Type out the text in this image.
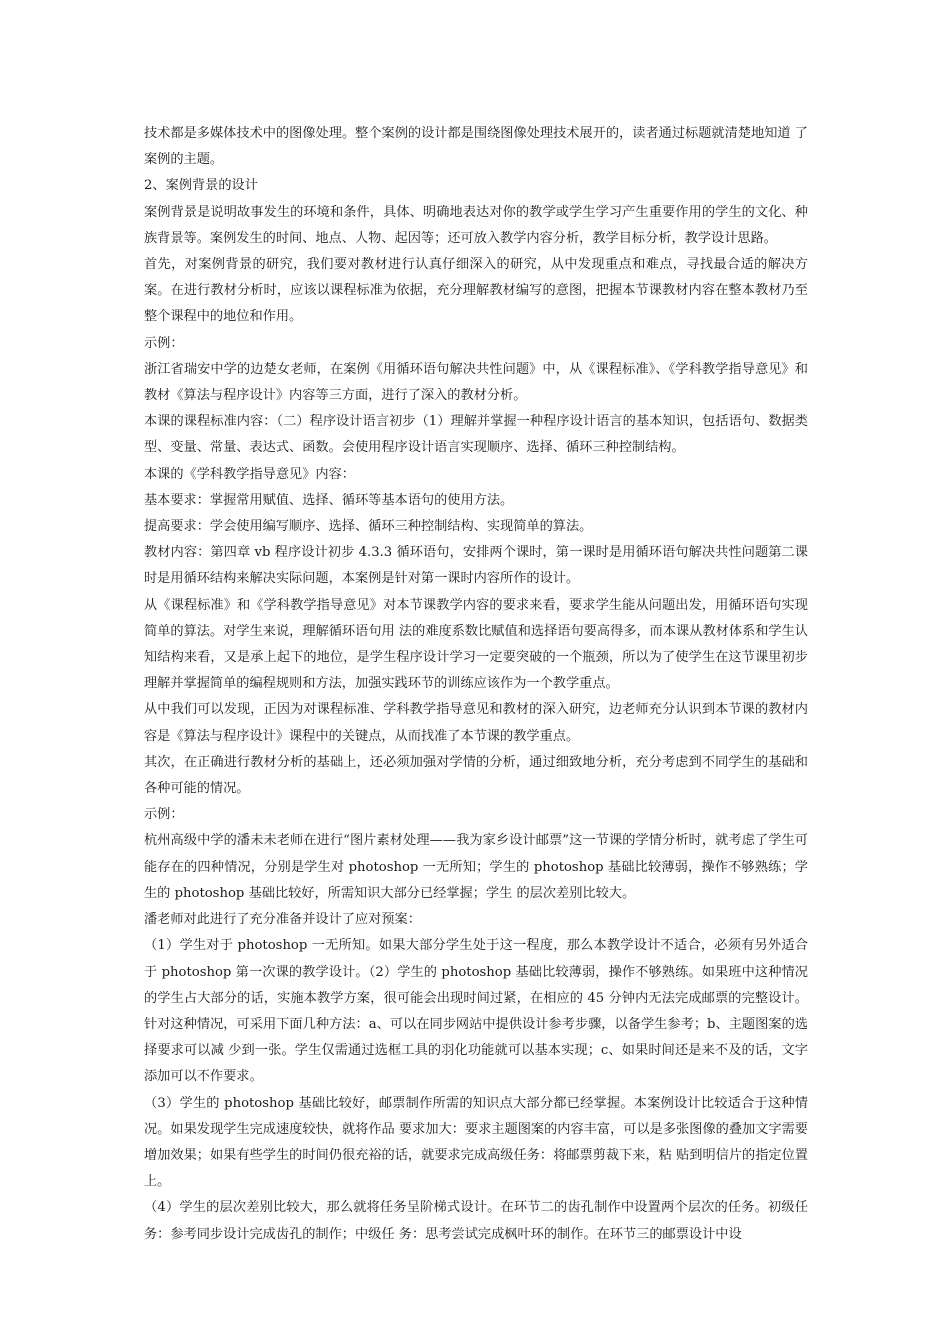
技术都是多媒体技术中的图像处理。整个案例的设计都是围绕图像处理技术展开的，读者通过标题就清楚地知道 了案例的主题。

2、案例背景的设计

案例背景是说明故事发生的环境和条件，具体、明确地表达对你的教学或学生学习产生重要作用的学生的文化、种族背景等。案例发生的时间、地点、人物、起因等；还可放入教学内容分析，教学目标分析，教学设计思路。

首先，对案例背景的研究，我们要对教材进行认真仔细深入的研究，从中发现重点和难点，寻找最合适的解决方案。在进行教材分析时，应该以课程标准为依据，充分理解教材编写的意图，把握本节课教材内容在整本教材乃至整个课程中的地位和作用。

示例：

浙江省瑞安中学的边楚女老师，在案例《用循环语句解决共性问题》中，从《课程标准》、《学科教学指导意见》和教材《算法与程序设计》内容等三方面，进行了深入的教材分析。

本课的课程标准内容：（二）程序设计语言初步（1）理解并掌握一种程序设计语言的基本知识，包括语句、数据类型、变量、常量、表达式、函数。会使用程序设计语言实现顺序、选择、循环三种控制结构。

本课的《学科教学指导意见》内容：

基本要求：掌握常用赋值、选择、循环等基本语句的使用方法。

提高要求：学会使用编写顺序、选择、循环三种控制结构、实现简单的算法。

教材内容：第四章 vb 程序设计初步 4.3.3 循环语句，安排两个课时，第一课时是用循环语句解决共性问题第二课时是用循环结构来解决实际问题，本案例是针对第一课时内容所作的设计。

从《课程标准》和《学科教学指导意见》对本节课教学内容的要求来看，要求学生能从问题出发，用循环语句实现简单的算法。对学生来说，理解循环语句用 法的难度系数比赋值和选择语句要高得多，而本课从教材体系和学生认知结构来看，又是承上起下的地位，是学生程序设计学习一定要突破的一个瓶颈，所以为了使学生在这节课里初步理解并掌握简单的编程规则和方法，加强实践环节的训练应该作为一个教学重点。

从中我们可以发现，正因为对课程标准、学科教学指导意见和教材的深入研究，边老师充分认识到本节课的教材内容是《算法与程序设计》课程中的关键点，从而找准了本节课的教学重点。

其次，在正确进行教材分析的基础上，还必须加强对学情的分析，通过细致地分析，充分考虑到不同学生的基础和各种可能的情况。

示例：

杭州高级中学的潘未未老师在进行“图片素材处理——我为家乡设计邮票”这一节课的学情分析时，就考虑了学生可能存在的四种情况，分别是学生对 photoshop 一无所知；学生的 photoshop 基础比较薄弱，操作不够熟练；学生的 photoshop 基础比较好，所需知识大部分已经掌握；学生 的层次差别比较大。

潘老师对此进行了充分准备并设计了应对预案：

（1）学生对于 photoshop 一无所知。如果大部分学生处于这一程度，那么本教学设计不适合，必须有另外适合于 photoshop 第一次课的教学设计。（2）学生的 photoshop 基础比较薄弱，操作不够熟练。如果班中这种情况的学生占大部分的话，实施本教学方案，很可能会出现时间过紧，在相应的 45 分钟内无法完成邮票的完整设计。针对这种情况，可采用下面几种方法：a、可以在同步网站中提供设计参考步骤，以备学生参考；b、主题图案的选择要求可以减 少到一张。学生仅需通过选框工具的羽化功能就可以基本实现；c、如果时间还是来不及的话，文字添加可以不作要求。

（3）学生的 photoshop 基础比较好，邮票制作所需的知识点大部分都已经掌握。本案例设计比较适合于这种情况。如果发现学生完成速度较快，就将作品 要求加大：要求主题图案的内容丰富，可以是多张图像的叠加文字需要增加效果；如果有些学生的时间仍很充裕的话，就要求完成高级任务：将邮票剪裁下来，粘 贴到明信片的指定位置上。

（4）学生的层次差别比较大，那么就将任务呈阶梯式设计。在环节二的齿孔制作中设置两个层次的任务。初级任务：参考同步设计完成齿孔的制作；中级任 务：思考尝试完成枫叶环的制作。在环节三的邮票设计中设
